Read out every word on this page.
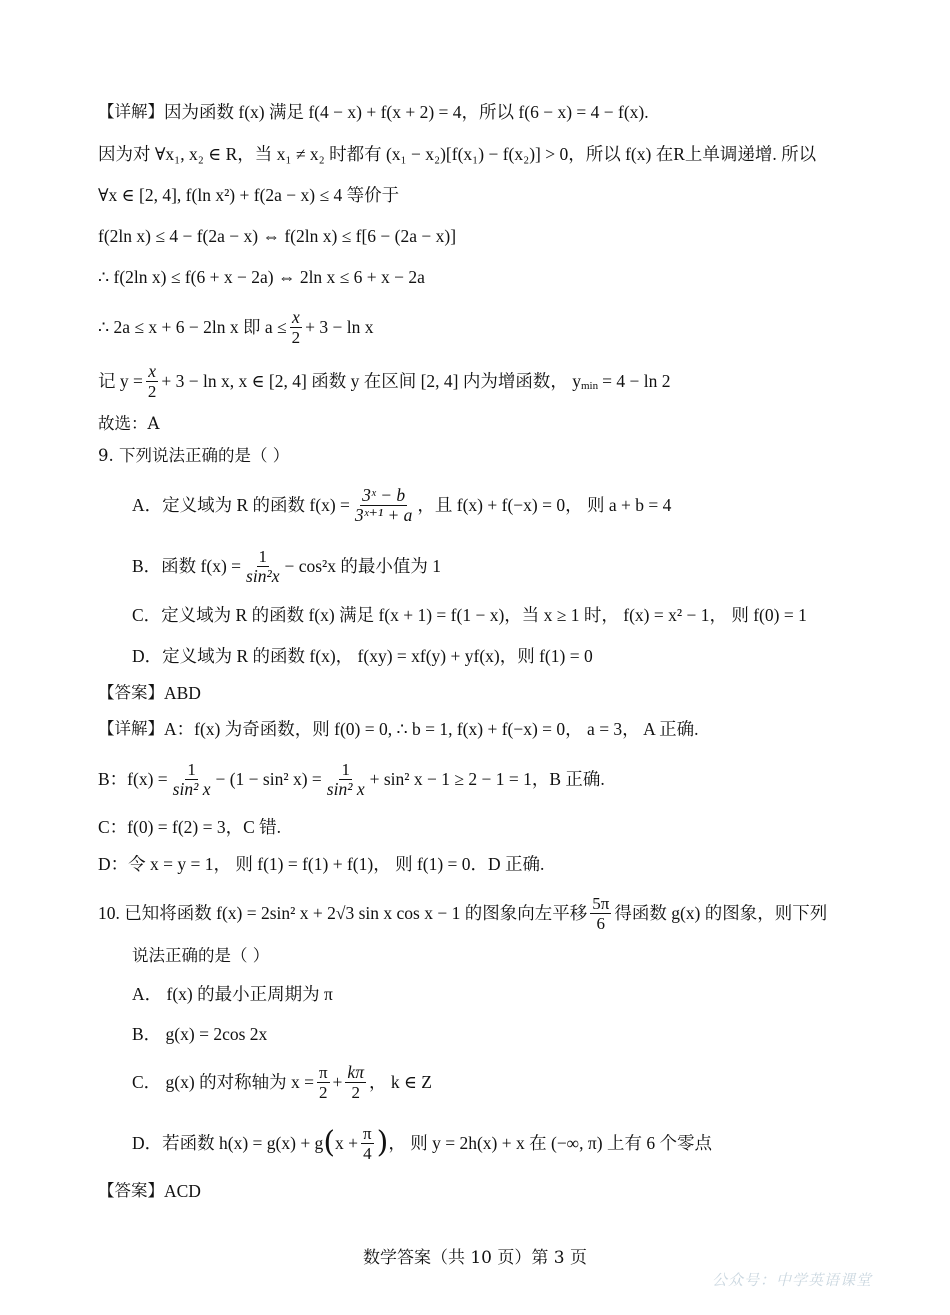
【详解】 因为函数 f(x) 满足 f(4 − x) + f(x + 2) = 4，所以 f(6 − x) = 4 − f(x).
因为对 ∀x₁, x₂ ∈ R，当 x₁ ≠ x₂ 时都有 (x₁ − x₂)[f(x₁) − f(x₂)] > 0，所以 f(x) 在R上单调递增. 所以
∀x ∈ [2, 4], f(ln x²) + f(2a − x) ≤ 4 等价于
f(2ln x) ≤ 4 − f(2a − x) ⇔ f(2ln x) ≤ f[6 − (2a − x)]
∴ f(2ln x) ≤ f(6 + x − 2a) ⇔ 2ln x ≤ 6 + x − 2a
∴ 2a ≤ x + 6 − 2ln x 即 $a \le \frac{x}{2} + 3 - \ln x$
记 $y = \frac{x}{2} + 3 - \ln x$, x ∈ [2, 4] 函数 y 在区间 [2, 4] 内为增函数， $y_{min} = 4 - \ln 2$
故选：A
9. 下列说法正确的是（ ）
A．定义域为 R 的函数 $f(x) = \frac{\text{3ˣ − b}}{\text{3ˣ⁺¹ + a}}$ ，且 f(x) + f(−x) = 0， 则 a + b = 4
B．函数 $f(x) = \frac{1}{\text{sin²x}} - \cos^2x$ 的最小值为 1
C．定义域为 R 的函数 f(x) 满足 f(x + 1) = f(1 − x)，当 x ≥ 1 时， f(x) = x² − 1， 则 f(0) = 1
D．定义域为 R 的函数 f(x)， f(xy) = xf(y) + yf(x)，则 f(1) = 0
【答案】 ABD
【详解】 A：f(x) 为奇函数，则 f(0) = 0, ∴ b = 1, f(x) + f(−x) = 0， a = 3， A 正确.
B：$f(x) = \frac{1}{\text{sin² x}} - (1 - \sin^2$ $x) = \frac{1}{\text{sin² x}} + \sin^2$ x − 1 ≥ 2 − 1 = 1，B 正确.
C：f(0) = f(2) = 3，C 错.
D：令 x = y = 1， 则 f(1) = f(1) + f(1)， 则 f(1) = 0．D 正确.
10. 已知将函数 f(x) = 2sin² x + 2√3 sin x cos x − 1 的图象向左平移 $\frac{5\pi}{6}$ 得函数 g(x) 的图象，则下列
说法正确的是（ ）
A． f(x) 的最小正周期为 π
B． g(x) = 2cos 2x
C． g(x) 的对称轴为 $x = \frac{\pi}{2} + \frac{k\pi}{2}$ ， k ∈ Z
D．若函数 h(x) = g(x) + g ( $x + \frac{\pi}{4}$ ) ， 则 y = 2h(x) + x 在 (−∞, π) 上有 6 个零点
【答案】 ACD
数学答案（共 10 页）第 3 页
公众号：中学英语课堂
